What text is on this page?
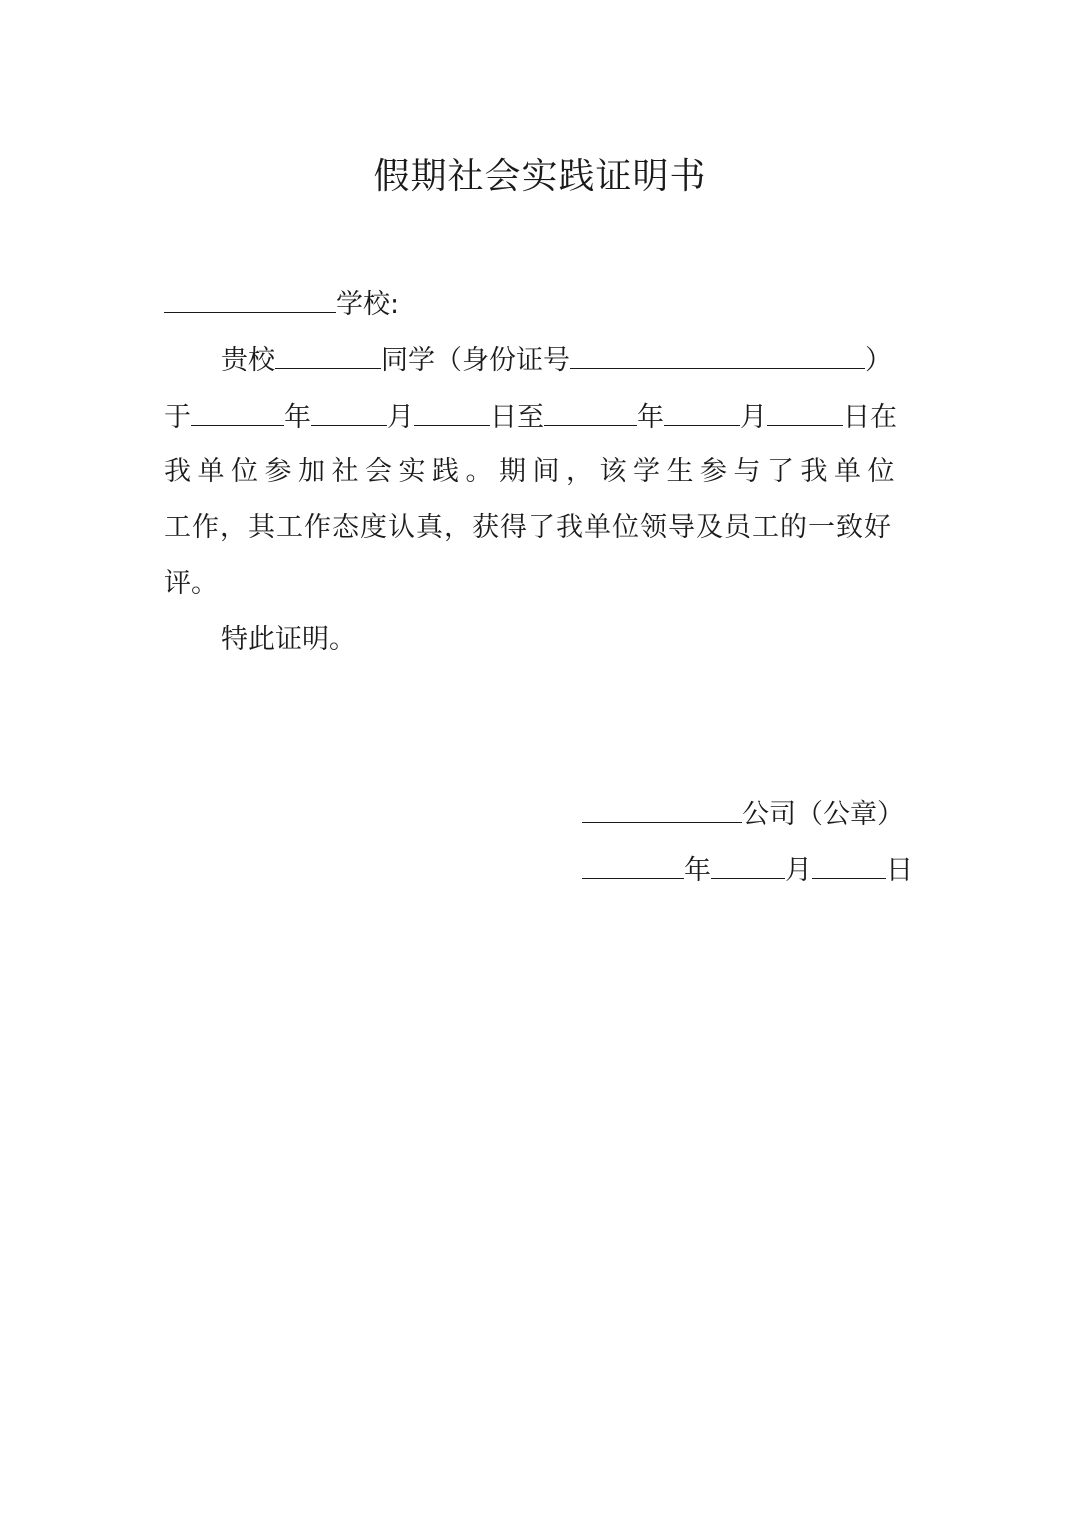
假期社会实践证明书
学校:
贵校	同学（身份证号	）
于	年	月	日至	年	月	日在
我单位参加社会实践。期间，该学生参与了我单位
工作，其工作态度认真，获得了我单位领导及员工的一致好
评。
特此证明。
公司（公章）
年	月	日
